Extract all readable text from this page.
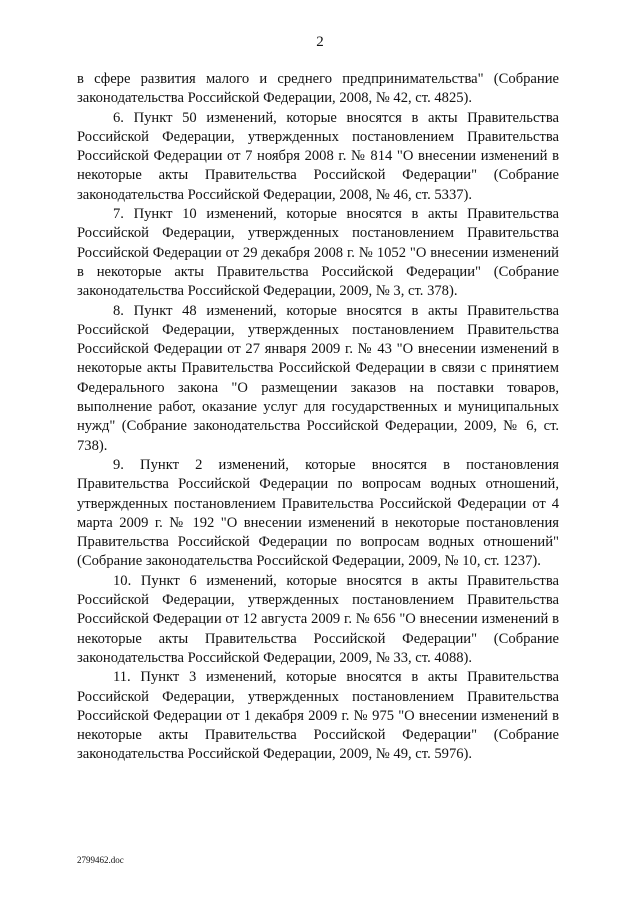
2

в сфере развития малого и среднего предпринимательства" (Собрание законодательства Российской Федерации, 2008, № 42, ст. 4825).

6. Пункт 50 изменений, которые вносятся в акты Правительства Российской Федерации, утвержденных постановлением Правительства Российской Федерации от 7 ноября 2008 г. № 814 "О внесении изменений в некоторые акты Правительства Российской Федерации" (Собрание законодательства Российской Федерации, 2008, № 46, ст. 5337).

7. Пункт 10 изменений, которые вносятся в акты Правительства Российской Федерации, утвержденных постановлением Правительства Российской Федерации от 29 декабря 2008 г. № 1052 "О внесении изменений в некоторые акты Правительства Российской Федерации" (Собрание законодательства Российской Федерации, 2009, № 3, ст. 378).

8. Пункт 48 изменений, которые вносятся в акты Правительства Российской Федерации, утвержденных постановлением Правительства Российской Федерации от 27 января 2009 г. № 43 "О внесении изменений в некоторые акты Правительства Российской Федерации в связи с принятием Федерального закона "О размещении заказов на поставки товаров, выполнение работ, оказание услуг для государственных и муниципальных нужд" (Собрание законодательства Российской Федерации, 2009, № 6, ст. 738).

9. Пункт 2 изменений, которые вносятся в постановления Правительства Российской Федерации по вопросам водных отношений, утвержденных постановлением Правительства Российской Федерации от 4 марта 2009 г. № 192 "О внесении изменений в некоторые постановления Правительства Российской Федерации по вопросам водных отношений" (Собрание законодательства Российской Федерации, 2009, № 10, ст. 1237).

10. Пункт 6 изменений, которые вносятся в акты Правительства Российской Федерации, утвержденных постановлением Правительства Российской Федерации от 12 августа 2009 г. № 656 "О внесении изменений в некоторые акты Правительства Российской Федерации" (Собрание законодательства Российской Федерации, 2009, № 33, ст. 4088).

11. Пункт 3 изменений, которые вносятся в акты Правительства Российской Федерации, утвержденных постановлением Правительства Российской Федерации от 1 декабря 2009 г. № 975 "О внесении изменений в некоторые акты Правительства Российской Федерации" (Собрание законодательства Российской Федерации, 2009, № 49, ст. 5976).

2799462.doc
